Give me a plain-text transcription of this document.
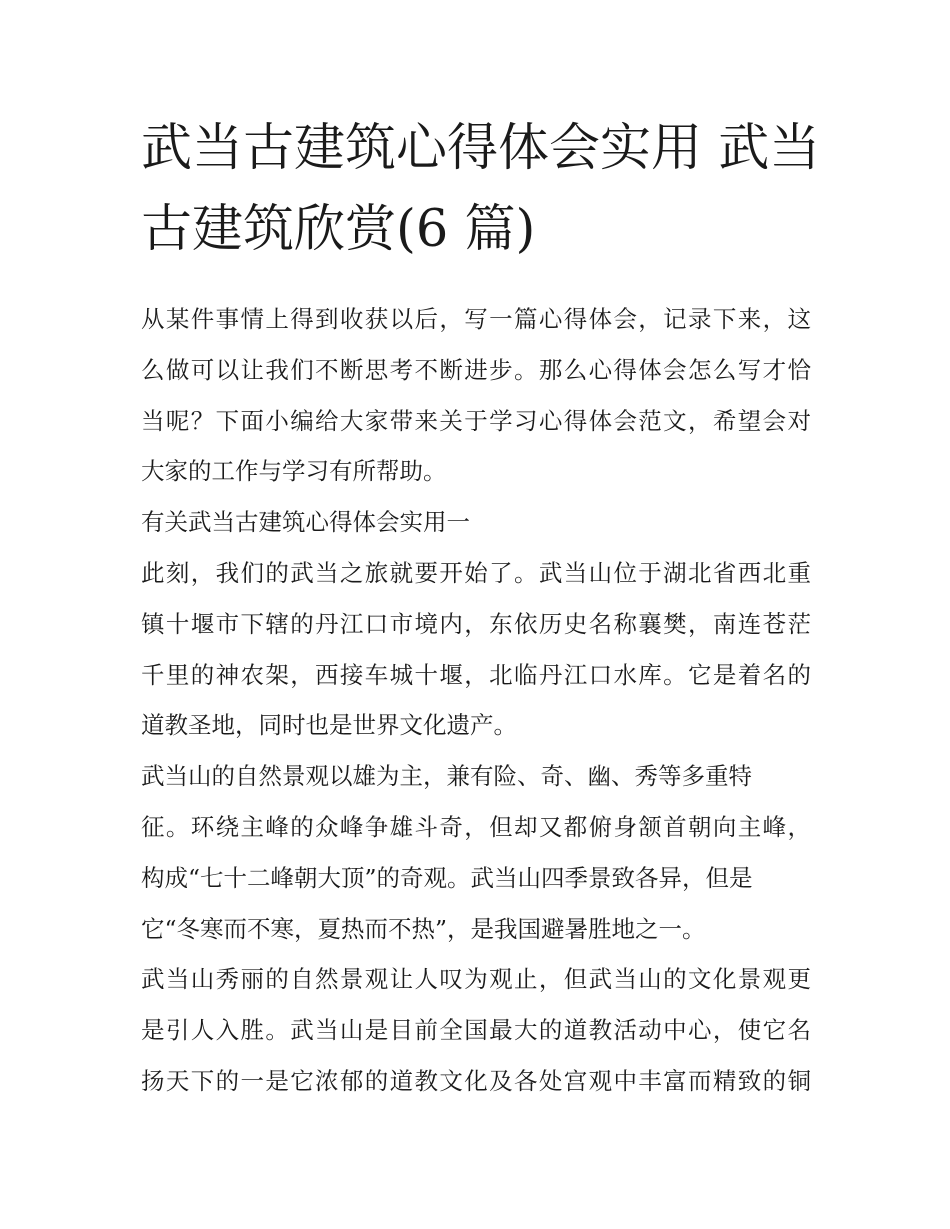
武当古建筑心得体会实用 武当
古建筑欣赏(6 篇)

从某件事情上得到收获以后，写一篇心得体会，记录下来，这
么做可以让我们不断思考不断进步。那么心得体会怎么写才恰
当呢？下面小编给大家带来关于学习心得体会范文，希望会对
大家的工作与学习有所帮助。

有关武当古建筑心得体会实用一

此刻，我们的武当之旅就要开始了。武当山位于湖北省西北重
镇十堰市下辖的丹江口市境内，东依历史名称襄樊，南连苍茫
千里的神农架，西接车城十堰，北临丹江口水库。它是着名的
道教圣地，同时也是世界文化遗产。

武当山的自然景观以雄为主，兼有险、奇、幽、秀等多重特
征。环绕主峰的众峰争雄斗奇，但却又都俯身颔首朝向主峰，
构成“七十二峰朝大顶”的奇观。武当山四季景致各异，但是
它“冬寒而不寒，夏热而不热”，是我国避暑胜地之一。

武当山秀丽的自然景观让人叹为观止，但武当山的文化景观更
是引人入胜。武当山是目前全国最大的道教活动中心，使它名
扬天下的一是它浓郁的道教文化及各处宫观中丰富而精致的铜
